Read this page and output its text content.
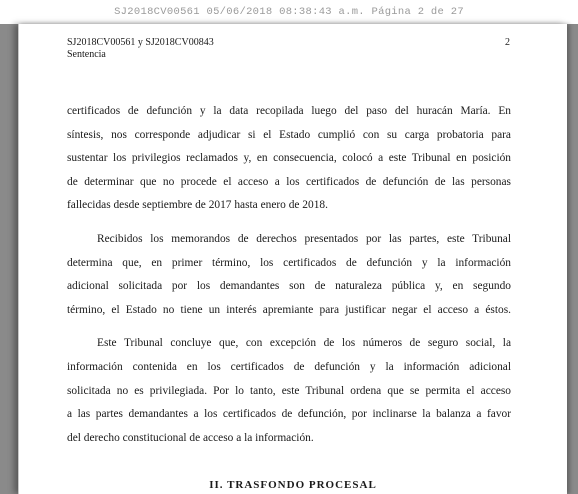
SJ2018CV00561 05/06/2018 08:38:43 a.m. Página 2 de 27
SJ2018CV00561 y SJ2018CV00843
Sentencia
2
certificados de defunción y la data recopilada luego del paso del huracán María. En
síntesis, nos corresponde adjudicar si el Estado cumplió con su carga probatoria para
sustentar los privilegios reclamados y, en consecuencia, colocó a este Tribunal en posición
de determinar que no procede el acceso a los certificados de defunción de las personas
fallecidas desde septiembre de 2017 hasta enero de 2018.
Recibidos los memorandos de derechos presentados por las partes, este Tribunal
determina que, en primer término, los certificados de defunción y la información
adicional solicitada por los demandantes son de naturaleza pública y, en segundo
término, el Estado no tiene un interés apremiante para justificar negar el acceso a éstos.
Este Tribunal concluye que, con excepción de los números de seguro social, la
información contenida en los certificados de defunción y la información adicional
solicitada no es privilegiada. Por lo tanto, este Tribunal ordena que se permita el acceso
a las partes demandantes a los certificados de defunción, por inclinarse la balanza a favor
del derecho constitucional de acceso a la información.
II. TRASFONDO PROCESAL
